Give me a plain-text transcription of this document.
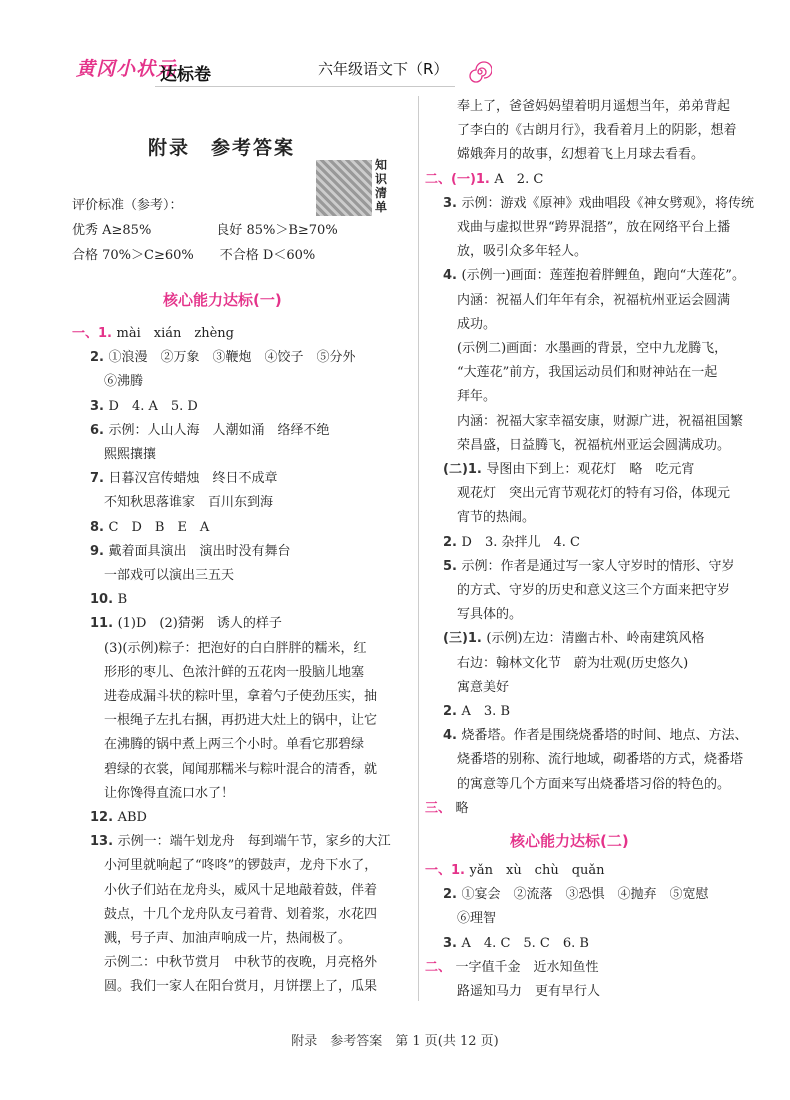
黄冈小状元
达标卷	六年级语文下（R）
附录　参考答案
知识清单
评价标准（参考）：
优秀 A≥85%　　　　　良好 85%＞B≥70%
合格 70%＞C≥60%　　不合格 D＜60%
核心能力达标(一)
一、1. mài　xián　zhèng
2. ①浪漫　②万象　③鞭炮　④饺子　⑤分外
⑥沸腾
3. D　4. A　5. D
6. 示例：人山人海　人潮如涌　络绎不绝
熙熙攘攘
7. 日暮汉宫传蜡烛　终日不成章
不知秋思落谁家　百川东到海
8. C　D　B　E　A
9. 戴着面具演出　演出时没有舞台
一部戏可以演出三五天
10. B
11. (1)D　(2)猜粥　诱人的样子
(3)(示例)粽子：把泡好的白白胖胖的糯米，红
形形的枣儿、色浓汁鲜的五花肉一股脑儿地塞
进卷成漏斗状的粽叶里，拿着勺子使劲压实，抽
一根绳子左扎右捆，再扔进大灶上的锅中，让它
在沸腾的锅中煮上两三个小时。单看它那碧绿
碧绿的衣裳，闻闻那糯米与粽叶混合的清香，就
让你馋得直流口水了！
12. ABD
13. 示例一：端午划龙舟　每到端午节，家乡的大江
小河里就响起了“咚咚”的锣鼓声，龙舟下水了，
小伙子们站在龙舟头，威风十足地敲着鼓，伴着
鼓点，十几个龙舟队友弓着背、划着浆，水花四
溅，号子声、加油声响成一片，热闹极了。
示例二：中秋节赏月　中秋节的夜晚，月亮格外
圆。我们一家人在阳台赏月，月饼摆上了，瓜果
奉上了，爸爸妈妈望着明月遥想当年，弟弟背起
了李白的《古朗月行》，我看着月上的阴影，想着
嫦娥奔月的故事，幻想着飞上月球去看看。
二、(一)1. A　2. C
3. 示例：游戏《原神》戏曲唱段《神女劈观》，将传统
戏曲与虚拟世界“跨界混搭”，放在网络平台上播
放，吸引众多年轻人。
4. (示例一)画面：莲莲抱着胖鲤鱼，跑向“大莲花”。
内涵：祝福人们年年有余，祝福杭州亚运会圆满
成功。
(示例二)画面：水墨画的背景，空中九龙腾飞，
“大莲花”前方，我国运动员们和财神站在一起
拜年。
内涵：祝福大家幸福安康，财源广进，祝福祖国繁
荣昌盛，日益腾飞，祝福杭州亚运会圆满成功。
(二)1. 导图由下到上：观花灯　略　吃元宵
观花灯　突出元宵节观花灯的特有习俗，体现元
宵节的热闹。
2. D　3. 杂拌儿　4. C
5. 示例：作者是通过写一家人守岁时的情形、守岁
的方式、守岁的历史和意义这三个方面来把守岁
写具体的。
(三)1. (示例)左边：清幽古朴、岭南建筑风格
右边：翰林文化节　蔚为壮观(历史悠久)
寓意美好
2. A　3. B
4. 烧番塔。作者是围绕烧番塔的时间、地点、方法、
烧番塔的别称、流行地域，砌番塔的方式，烧番塔
的寓意等几个方面来写出烧番塔习俗的特色的。
三、 略
核心能力达标(二)
一、1. yǎn　xù　chù　quǎn
2. ①宴会　②流落　③恐惧　④抛弃　⑤宽慰
⑥理智
3. A　4. C　5. C　6. B
二、 一字值千金　近水知鱼性
路遥知马力　更有早行人
附录　参考答案　第 1 页(共 12 页)
